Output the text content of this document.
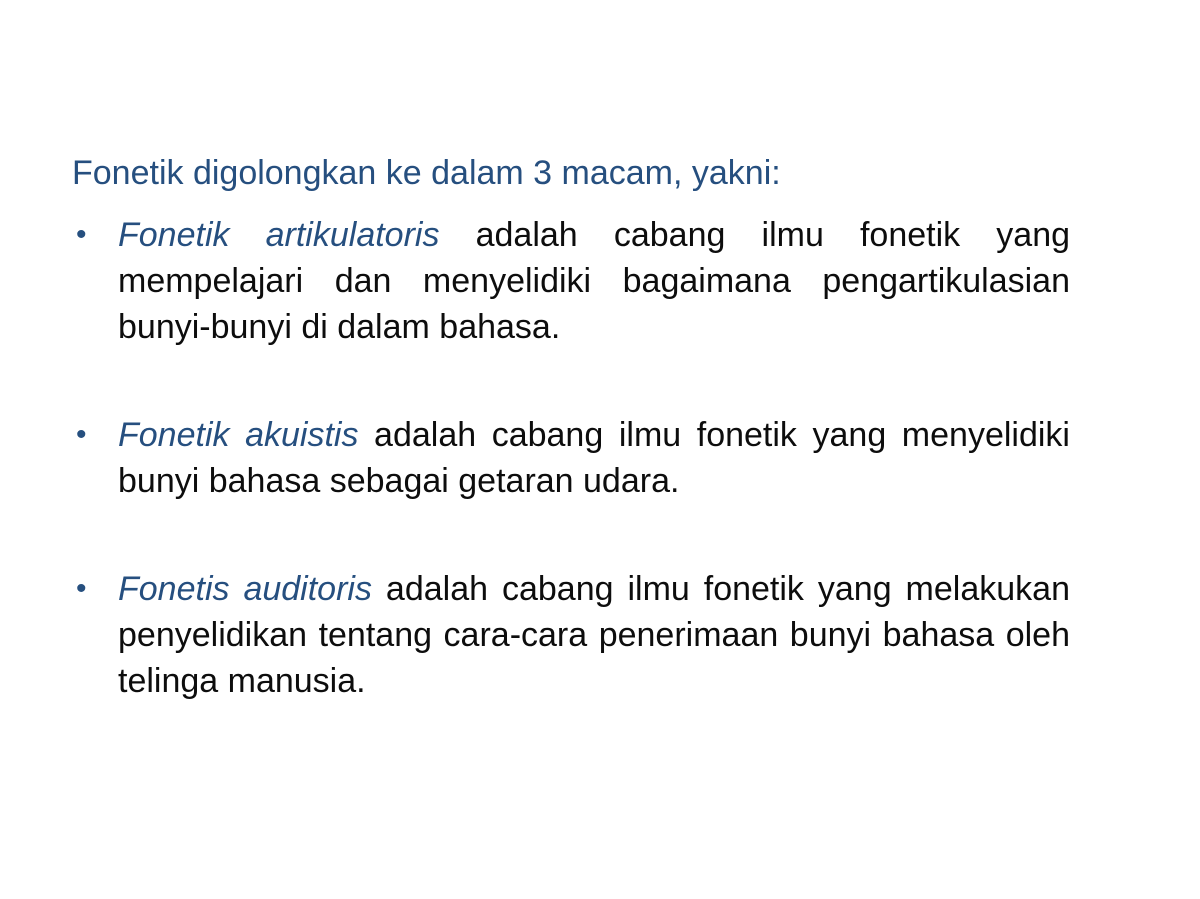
Fonetik digolongkan ke dalam 3 macam, yakni:
• Fonetik artikulatoris adalah cabang ilmu fonetik yang mempelajari dan menyelidiki bagaimana pengartikulasian bunyi-bunyi di dalam bahasa.
• Fonetik akuistis adalah cabang ilmu fonetik yang menyelidiki bunyi bahasa sebagai getaran udara.
• Fonetis auditoris adalah cabang ilmu fonetik yang melakukan penyelidikan tentang cara-cara penerimaan bunyi bahasa oleh telinga manusia.
